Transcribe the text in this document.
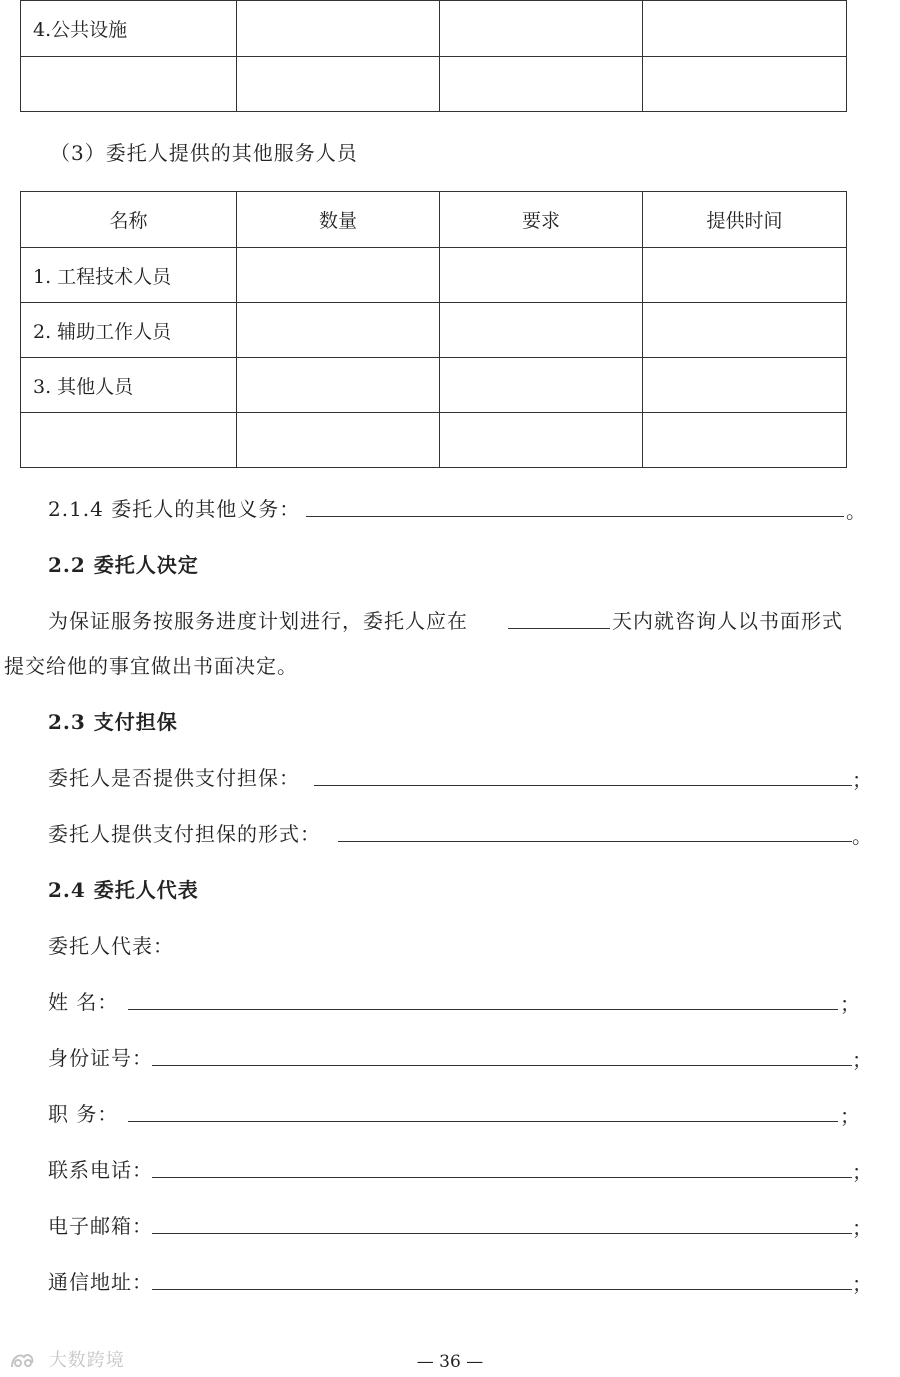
4.公共设施			

（3）委托人提供的其他服务人员
名称	数量	要求	提供时间
1. 工程技术人员			
2. 辅助工作人员			
3. 其他人员			

2.1.4 委托人的其他义务：	。
2.2 委托人决定
为保证服务按服务进度计划进行，委托人应在	天内就咨询人以书面形式
提交给他的事宜做出书面决定。
2.3 支付担保
委托人是否提供支付担保：	；
委托人提供支付担保的形式：	。
2.4 委托人代表
委托人代表：
姓 名：	；
身份证号：	；
职 务：	；
联系电话：	；
电子邮箱：	；
通信地址：	；
— 36 —
大数跨境
